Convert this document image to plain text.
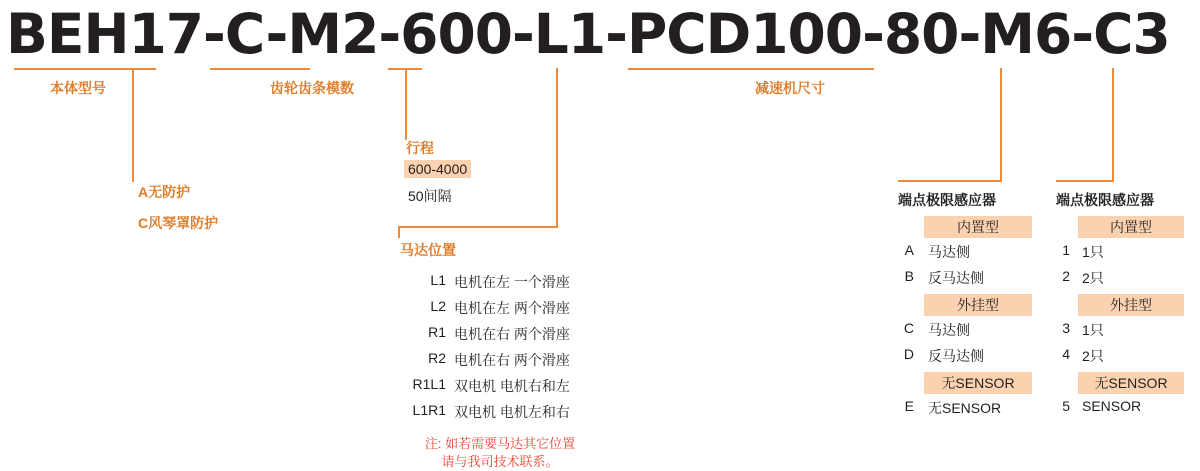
BEH17-C-M2-600-L1-PCD100-80-M6-C3
本体型号	齿轮齿条模数	减速机尺寸
A无防护
C风琴罩防护
行程
600-4000
50间隔
马达位置
L1 电机在左 一个滑座
L2 电机在左 两个滑座
R1 电机在右 两个滑座
R2 电机在右 两个滑座
R1L1 双电机 电机右和左
L1R1 双电机 电机左和右
注: 如若需要马达其它位置
请与我司技术联系。
端点极限感应器
内置型
A 马达侧
B 反马达侧
外挂型
C 马达侧
D 反马达侧
无SENSOR
E 无SENSOR
端点极限感应器
内置型
1 1只
2 2只
外挂型
3 1只
4 2只
无SENSOR
5 SENSOR
